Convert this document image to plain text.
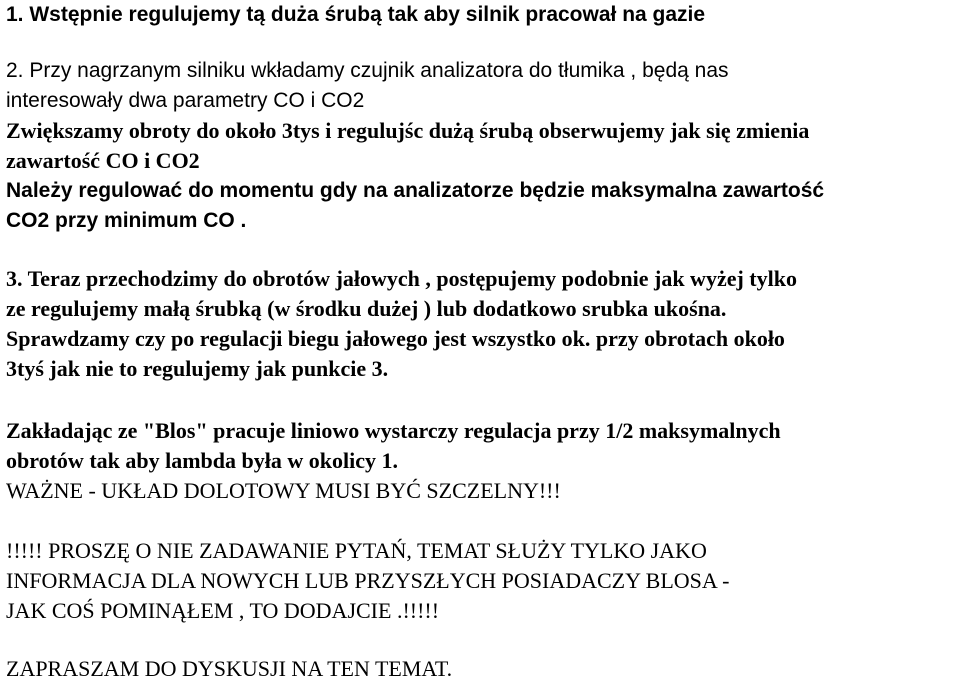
1. Wstępnie regulujemy tą duża śrubą tak aby silnik pracował na gazie

2. Przy nagrzanym silniku wkładamy czujnik analizatora do tłumika , będą nas

interesowały dwa parametry CO i CO2

Zwiększamy obroty do około 3tys i regulujśc dużą śrubą obserwujemy jak się zmienia

zawartość CO i CO2

Należy regulować do momentu gdy na analizatorze będzie maksymalna zawartość

CO2 przy minimum CO .

3. Teraz przechodzimy do obrotów jałowych , postępujemy podobnie jak wyżej tylko

ze regulujemy małą śrubką (w środku dużej ) lub dodatkowo srubka ukośna.

Sprawdzamy czy po regulacji biegu jałowego jest wszystko ok. przy obrotach około

3tyś jak nie to regulujemy jak punkcie 3.

Zakładając ze "Blos" pracuje liniowo wystarczy regulacja przy 1/2 maksymalnych

obrotów tak aby lambda była w okolicy 1.

WAŻNE - UKŁAD DOLOTOWY MUSI BYĆ SZCZELNY!!!

!!!!! PROSZĘ O NIE ZADAWANIE PYTAŃ, TEMAT SŁUŻY TYLKO JAKO

INFORMACJA DLA NOWYCH LUB PRZYSZŁYCH POSIADACZY BLOSA -

JAK COŚ POMINĄŁEM , TO DODAJCIE .!!!!!

ZAPRASZAM DO DYSKUSJI NA TEN TEMAT.
